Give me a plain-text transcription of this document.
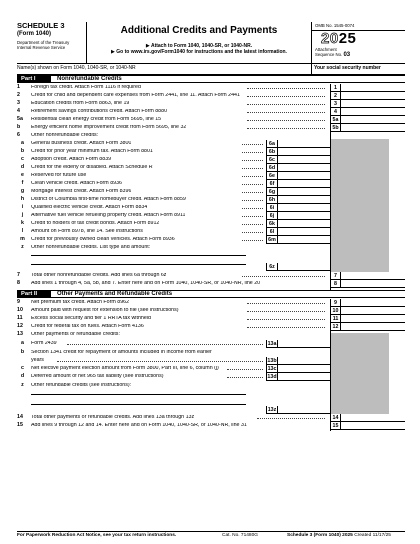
SCHEDULE 3
(Form 1040)
Department of the Treasury
Internal Revenue Service
Additional Credits and Payments
▶ Attach to Form 1040, 1040-SR, or 1040-NR.
▶ Go to www.irs.gov/Form1040 for instructions and the latest information.
OMB No. 1545-0074
2025
Attachment
Sequence No. 03
Name(s) shown on Form 1040, 1040-SR, or 1040-NR	Your social security number
Part I	Nonrefundable Credits
1	Foreign tax credit. Attach Form 1116 if required	1
2	Credit for child and dependent care expenses from Form 2441, line 11. Attach Form 2441	2
3	Education credits from Form 8863, line 19	3
4	Retirement savings contributions credit. Attach Form 8880	4
5a	Residential clean energy credit from Form 5695, line 15	5a
b	Energy efficient home improvement credit from Form 5695, line 32	5b
6	Other nonrefundable credits:
a	General business credit. Attach Form 3800	6a
b	Credit for prior year minimum tax. Attach Form 8801	6b
c	Adoption credit. Attach Form 8839	6c
d	Credit for the elderly or disabled. Attach Schedule R	6d
e	Reserved for future use	6e
f	Clean vehicle credit. Attach Form 8936	6f
g	Mortgage interest credit. Attach Form 8396	6g
h	District of Columbia first-time homebuyer credit. Attach Form 8859	6h
i	Qualified electric vehicle credit. Attach Form 8834	6i
j	Alternative fuel vehicle refueling property credit. Attach Form 8911	6j
k	Credit to holders of tax credit bonds. Attach Form 8912	6k
l	Amount on Form 8978, line 14. See instructions	6l
m	Credit for previously owned clean vehicles. Attach Form 8936	6m
z	Other nonrefundable credits. List type and amount:
6z
7	Total other nonrefundable credits. Add lines 6a through 6z	7
8	Add lines 1 through 4, 5a, 5b, and 7. Enter here and on Form 1040, 1040-SR, or 1040-NR, line 20	8
Part II	Other Payments and Refundable Credits
9	Net premium tax credit. Attach Form 8962	9
10	Amount paid with request for extension to file (see instructions)	10
11	Excess social security and tier 1 RRTA tax withheld	11
12	Credit for federal tax on fuels. Attach Form 4136	12
13	Other payments or refundable credits:
a	Form 2439	13a
b	Section 1341 credit for repayment of amounts included in income from earlier
years	13b
c	Net elective payment election amount from Form 3800, Part III, line 6, column (j)	13c
d	Deferred amount of net 965 tax liability (see instructions)	13d
z	Other refundable credits (see instructions):
13z
14	Total other payments or refundable credits. Add lines 13a through 13z	14
15	Add lines 9 through 12 and 14. Enter here and on Form 1040, 1040-SR, or 1040-NR, line 31	15
For Paperwork Reduction Act Notice, see your tax return instructions.	Cat. No. 71480G	Schedule 3 (Form 1040) 2025 Created 11/17/25
